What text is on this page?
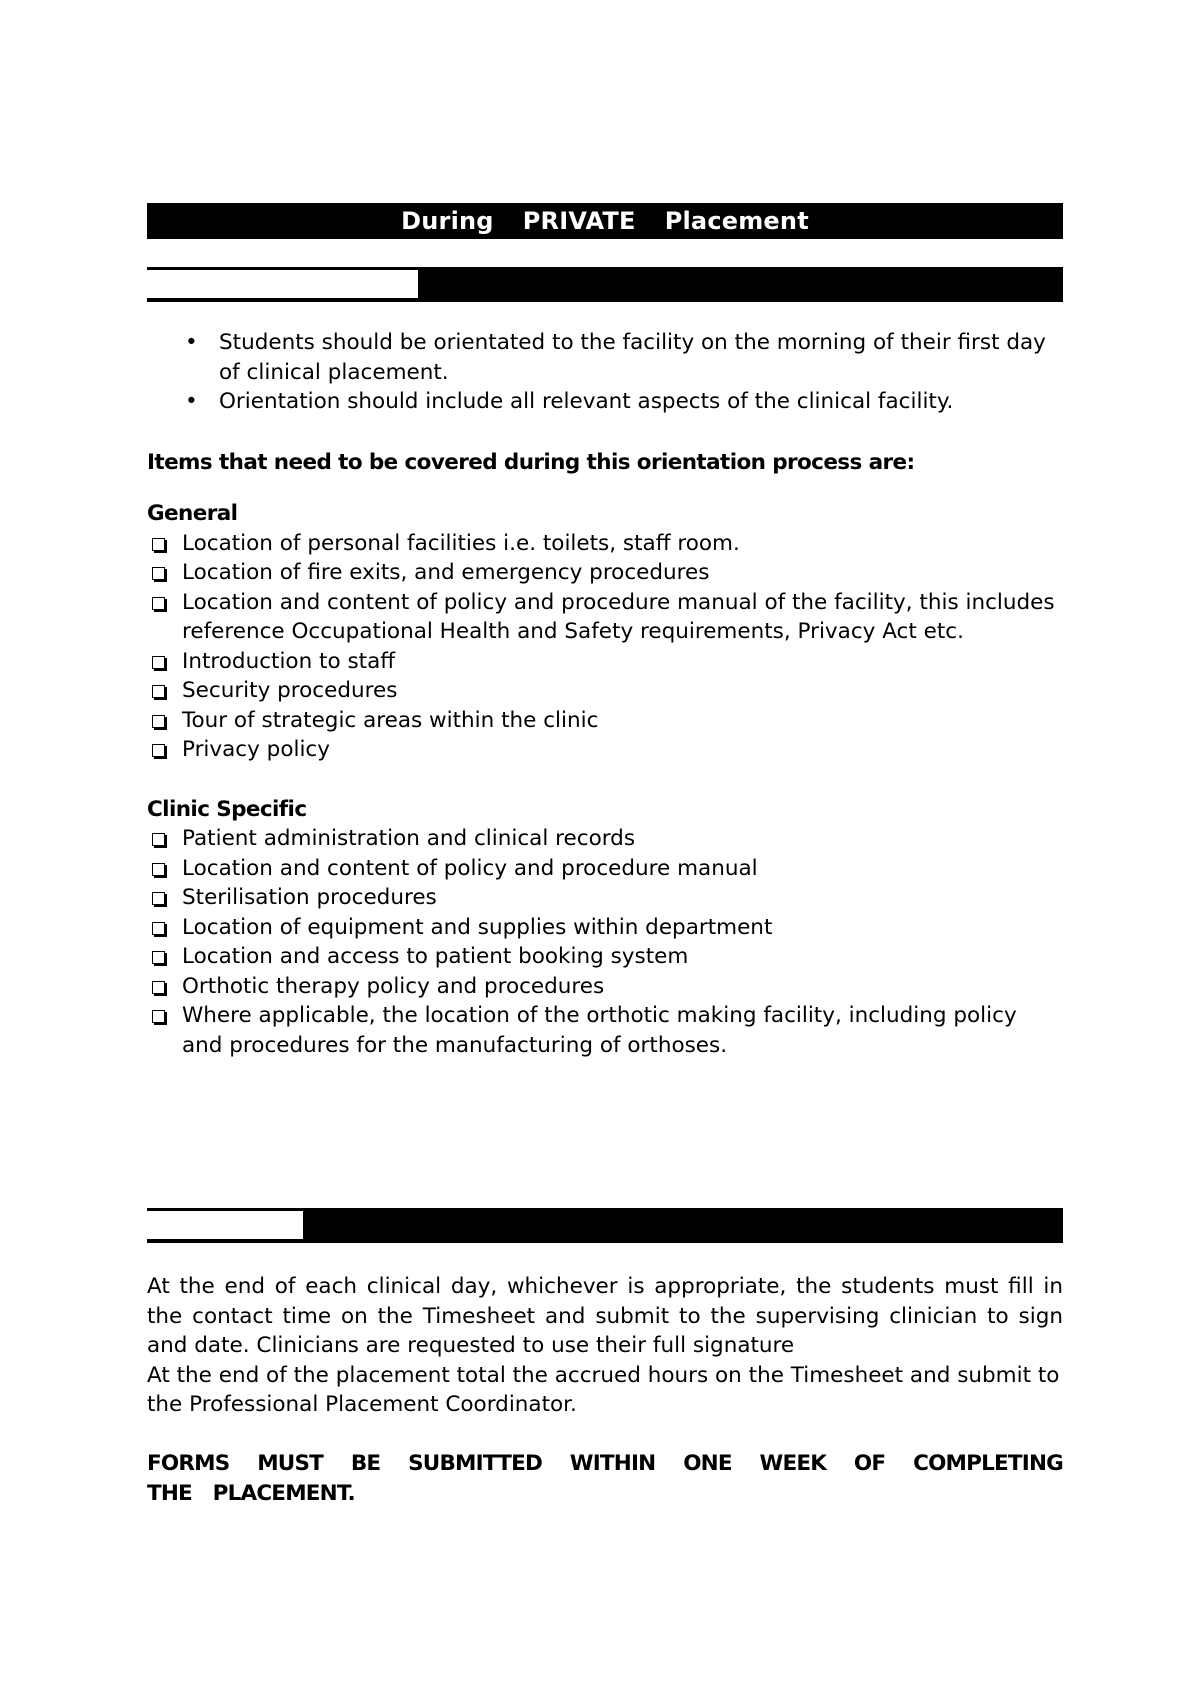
During  PRIVATE  Placement
Student Orientation
• Students should be orientated to the facility on the morning of their first day of clinical placement.
• Orientation should include all relevant aspects of the clinical facility.
Items that need to be covered during this orientation process are:
General
Location of personal facilities i.e. toilets, staff room.
Location of fire exits, and emergency procedures
Location and content of policy and procedure manual of the facility, this includes reference Occupational Health and Safety requirements, Privacy Act etc.
Introduction to staff
Security procedures
Tour of strategic areas within the clinic
Privacy policy
Clinic Specific
Patient administration and clinical records
Location and content of policy and procedure manual
Sterilisation procedures
Location of equipment and supplies within department
Location and access to patient booking system
Orthotic therapy policy and procedures
Where applicable, the location of the orthotic making facility, including policy and procedures for the manufacturing of orthoses.
Timesheets
At the end of each clinical day, whichever is appropriate, the students must fill in the contact time on the Timesheet and submit to the supervising clinician to sign and date. Clinicians are requested to use their full signature
At the end of the placement total the accrued hours on the Timesheet and submit to the Professional Placement Coordinator.
FORMS MUST BE SUBMITTED WITHIN ONE WEEK OF COMPLETING THE PLACEMENT.
